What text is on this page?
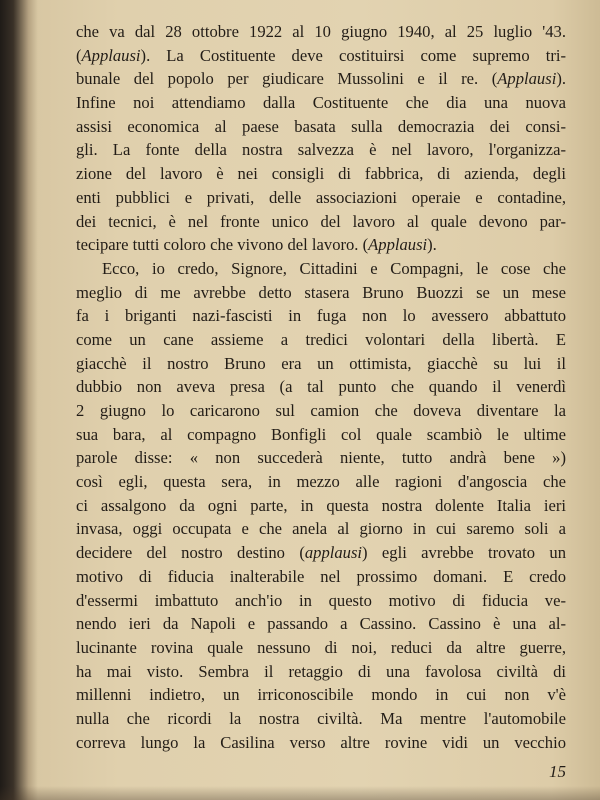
che va dal 28 ottobre 1922 al 10 giugno 1940, al 25 luglio '43.
(Applausi). La Costituente deve costituirsi come supremo tri-
bunale del popolo per giudicare Mussolini e il re. (Applausi).
Infine noi attendiamo dalla Costituente che dia una nuova
assisi economica al paese basata sulla democrazia dei consi-
gli. La fonte della nostra salvezza è nel lavoro, l'organizza-
zione del lavoro è nei consigli di fabbrica, di azienda, degli
enti pubblici e privati, delle associazioni operaie e contadine,
dei tecnici, è nel fronte unico del lavoro al quale devono par-
tecipare tutti coloro che vivono del lavoro. (Applausi).
Ecco, io credo, Signore, Cittadini e Compagni, le cose che
meglio di me avrebbe detto stasera Bruno Buozzi se un mese
fa i briganti nazi-fascisti in fuga non lo avessero abbattuto
come un cane assieme a tredici volontari della libertà. E
giacchè il nostro Bruno era un ottimista, giacchè su lui il
dubbio non aveva presa (a tal punto che quando il venerdì
2 giugno lo caricarono sul camion che doveva diventare la
sua bara, al compagno Bonfigli col quale scambiò le ultime
parole disse: « non succederà niente, tutto andrà bene »)
così egli, questa sera, in mezzo alle ragioni d'angoscia che
ci assalgono da ogni parte, in questa nostra dolente Italia ieri
invasa, oggi occupata e che anela al giorno in cui saremo soli a
decidere del nostro destino (applausi) egli avrebbe trovato un
motivo di fiducia inalterabile nel prossimo domani. E credo
d'essermi imbattuto anch'io in questo motivo di fiducia ve-
nendo ieri da Napoli e passando a Cassino. Cassino è una al-
lucinante rovina quale nessuno di noi, reduci da altre guerre,
ha mai visto. Sembra il retaggio di una favolosa civiltà di
millenni indietro, un irriconoscibile mondo in cui non v'è
nulla che ricordi la nostra civiltà. Ma mentre l'automobile
correva lungo la Casilina verso altre rovine vidi un vecchio
15
